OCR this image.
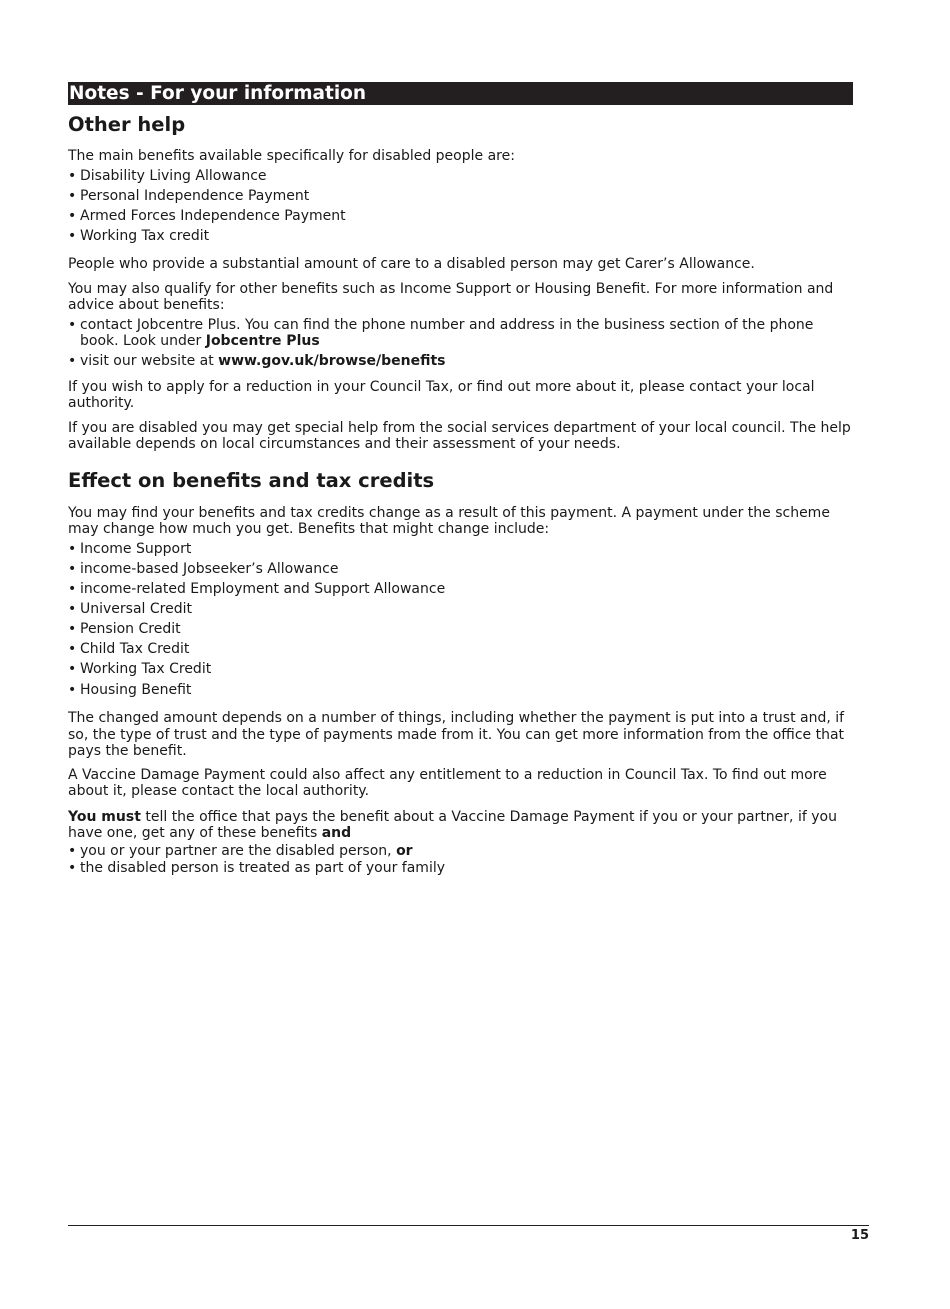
Notes - For your information
Other help

The main benefits available specifically for disabled people are:

• Disability Living Allowance
• Personal Independence Payment
• Armed Forces Independence Payment
• Working Tax credit

People who provide a substantial amount of care to a disabled person may get Carer’s Allowance.

You may also qualify for other benefits such as Income Support or Housing Benefit. For more information and advice about benefits:

• contact Jobcentre Plus. You can find the phone number and address in the business section of the phone book. Look under Jobcentre Plus
• visit our website at www.gov.uk/browse/benefits

If you wish to apply for a reduction in your Council Tax, or find out more about it, please contact your local authority.

If you are disabled you may get special help from the social services department of your local council. The help available depends on local circumstances and their assessment of your needs.

Effect on benefits and tax credits

You may find your benefits and tax credits change as a result of this payment. A payment under the scheme may change how much you get. Benefits that might change include:

• Income Support
• income-based Jobseeker’s Allowance
• income-related Employment and Support Allowance
• Universal Credit
• Pension Credit
• Child Tax Credit
• Working Tax Credit
• Housing Benefit

The changed amount depends on a number of things, including whether the payment is put into a trust and, if so, the type of trust and the type of payments made from it. You can get more information from the office that pays the benefit.

A Vaccine Damage Payment could also affect any entitlement to a reduction in Council Tax. To find out more about it, please contact the local authority.

You must tell the office that pays the benefit about a Vaccine Damage Payment if you or your partner, if you have one, get any of these benefits and

• you or your partner are the disabled person, or
• the disabled person is treated as part of your family
15
